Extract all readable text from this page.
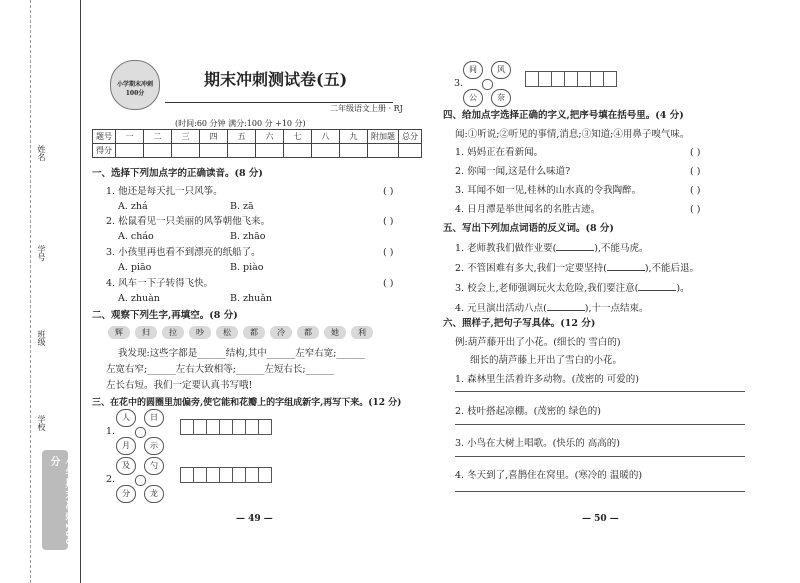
姓名
学号
班级
学校
小学期末冲刺100分
小学期末冲刺100分
期末冲刺测试卷(五)
二年级语文上册 · RJ
(时间:60 分钟 满分:100 分 +10 分)
题号	一	二	三	四	五	六	七	八	九	附加题	总分
得分											
一、选择下列加点字的正确读音。(8 分)
1. 他还是每天扎一只风筝。	( )
A. zhá	B. zā
2. 松鼠看见一只美丽的风筝朝他飞来。	( )
A. cháo	B. zhāo
3. 小孩里再也看不到漂亮的纸船了。	( )
A. piāo	B. piào
4. 风车一下子转得飞快。	( )
A. zhuàn	B. zhuǎn
二、观察下列生字,再填空。(8 分)
辉	归	拉	吵	松	都	冷	都	她	利
我发现:这些字都是______结构,其中______左窄右宽;______
左宽右窄;______左右大致相等;______左短右长;______
左长右短。我们一定要认真书写哦!
三、在花中的圆圈里加偏旁,使它能和花瓣上的字组成新字,再写下来。(12 分)
1.
人	日
月	示
2.
及	勺
分	龙
3.
间	风
公	奈
四、给加点字选择正确的字义,把序号填在括号里。(4 分)
闻:①听说;②听见的事情,消息;③知道;④用鼻子嗅气味。
1. 妈妈正在看新闻。	( )
2. 你闻一闻,这是什么味道?	( )
3. 耳闻不如一见,桂林的山水真的令我陶醉。	( )
4. 日月潭是举世闻名的名胜古迹。	( )
五、写出下列加点词语的反义词。(8 分)
1. 老师教我们做作业要(	),不能马虎。
2. 不管困难有多大,我们一定要坚持(	),不能后退。
3. 校会上,老师强调玩火太危险,我们要注意(	)。
4. 元旦演出活动八点(	),十一点结束。
六、照样子,把句子写具体。(12 分)
例:葫芦藤开出了小花。(细长的 雪白的)
细长的葫芦藤上开出了雪白的小花。
1. 森林里生活着许多动物。(茂密的 可爱的)
2. 枝叶搭起凉棚。(茂密的 绿色的)
3. 小鸟在大树上唱歌。(快乐的 高高的)
4. 冬天到了,喜鹊住在窝里。(寒冷的 温暖的)
— 49 —	— 50 —
